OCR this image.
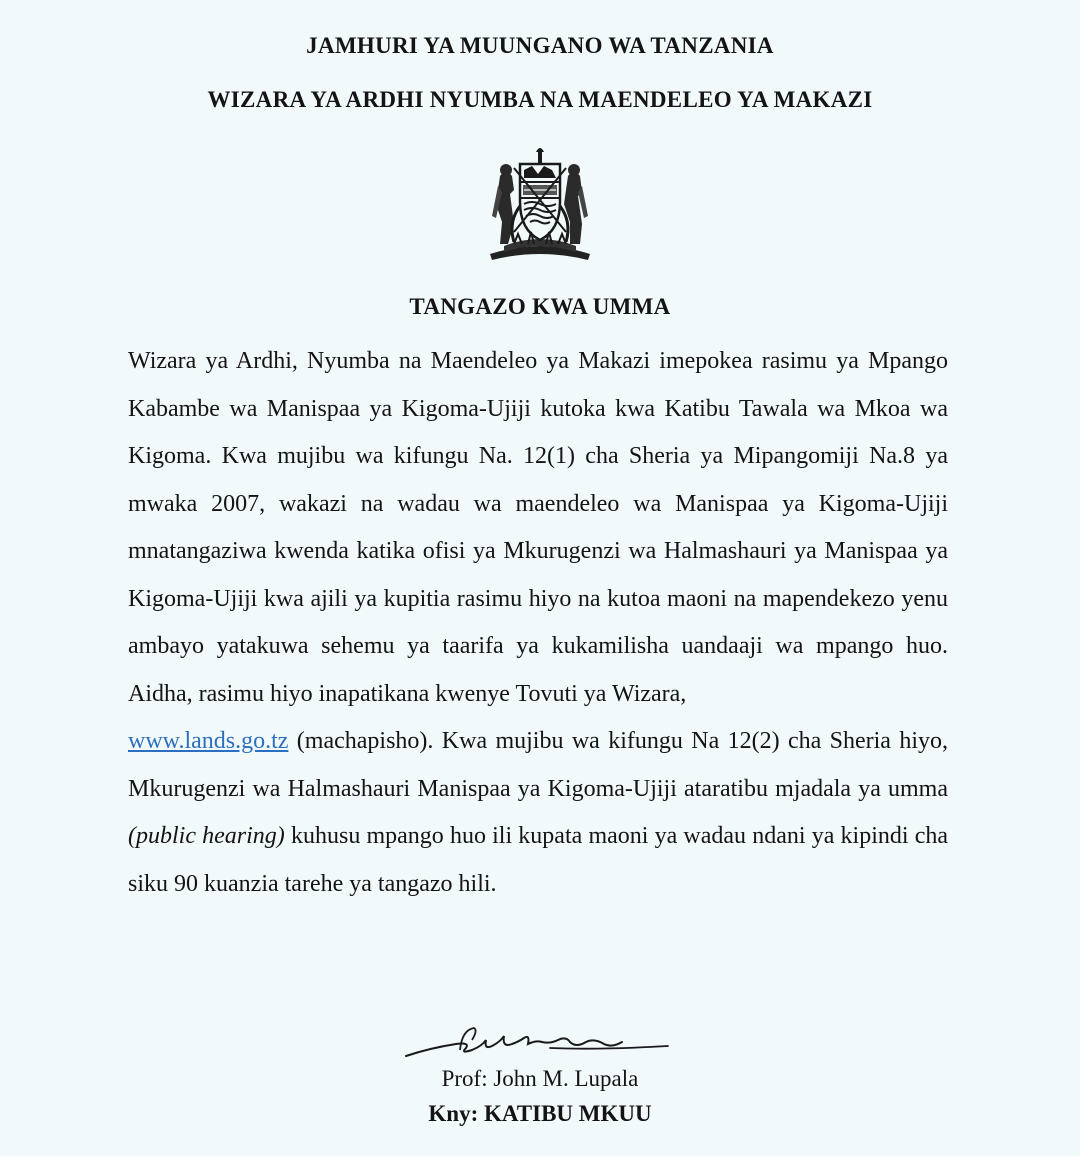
JAMHURI YA MUUNGANO WA TANZANIA
WIZARA YA ARDHI NYUMBA NA MAENDELEO YA MAKAZI
TANGAZO KWA UMMA

Wizara ya Ardhi, Nyumba na Maendeleo ya Makazi imepokea rasimu ya Mpango Kabambe wa Manispaa ya Kigoma-Ujiji kutoka kwa Katibu Tawala wa Mkoa wa Kigoma. Kwa mujibu wa kifungu Na. 12(1) cha Sheria ya Mipangomiji Na.8 ya mwaka 2007, wakazi na wadau wa maendeleo wa Manispaa ya Kigoma-Ujiji mnatangaziwa kwenda katika ofisi ya Mkurugenzi wa Halmashauri ya Manispaa ya Kigoma-Ujiji kwa ajili ya kupitia rasimu hiyo na kutoa maoni na mapendekezo yenu ambayo yatakuwa sehemu ya taarifa ya kukamilisha uandaaji wa mpango huo. Aidha, rasimu hiyo inapatikana kwenye Tovuti ya Wizara,
www.lands.go.tz (machapisho). Kwa mujibu wa kifungu Na 12(2) cha Sheria hiyo, Mkurugenzi wa Halmashauri Manispaa ya Kigoma-Ujiji ataratibu mjadala ya umma (public hearing) kuhusu mpango huo ili kupata maoni ya wadau ndani ya kipindi cha siku 90 kuanzia tarehe ya tangazo hili.

Prof: John M. Lupala

Kny: KATIBU MKUU
